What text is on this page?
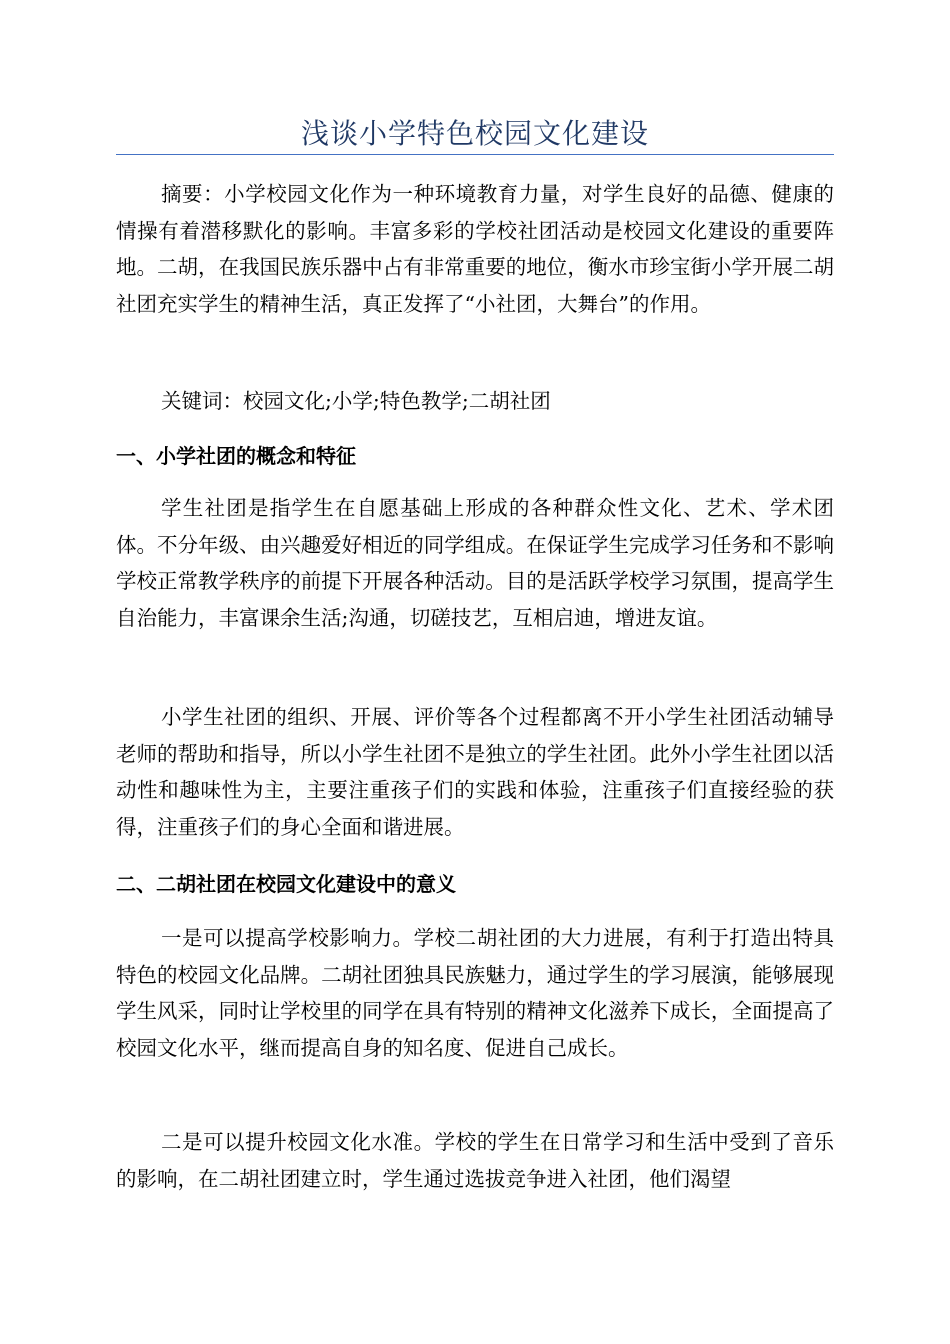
浅谈小学特色校园文化建设

摘要：小学校园文化作为一种环境教育力量，对学生良好的品德、健康的情操有着潜移默化的影响。丰富多彩的学校社团活动是校园文化建设的重要阵地。二胡，在我国民族乐器中占有非常重要的地位，衡水市珍宝街小学开展二胡社团充实学生的精神生活，真正发挥了“小社团，大舞台”的作用。

关键词：校园文化;小学;特色教学;二胡社团

一、小学社团的概念和特征

学生社团是指学生在自愿基础上形成的各种群众性文化、艺术、学术团体。不分年级、由兴趣爱好相近的同学组成。在保证学生完成学习任务和不影响学校正常教学秩序的前提下开展各种活动。目的是活跃学校学习氛围，提高学生自治能力，丰富课余生活;沟通，切磋技艺，互相启迪，增进友谊。

小学生社团的组织、开展、评价等各个过程都离不开小学生社团活动辅导老师的帮助和指导，所以小学生社团不是独立的学生社团。此外小学生社团以活动性和趣味性为主，主要注重孩子们的实践和体验，注重孩子们直接经验的获得，注重孩子们的身心全面和谐进展。

二、二胡社团在校园文化建设中的意义

一是可以提高学校影响力。学校二胡社团的大力进展，有利于打造出特具特色的校园文化品牌。二胡社团独具民族魅力，通过学生的学习展演，能够展现学生风采，同时让学校里的同学在具有特别的精神文化滋养下成长，全面提高了校园文化水平，继而提高自身的知名度、促进自己成长。

二是可以提升校园文化水准。学校的学生在日常学习和生活中受到了音乐的影响，在二胡社团建立时，学生通过选拔竞争进入社团，他们渴望
